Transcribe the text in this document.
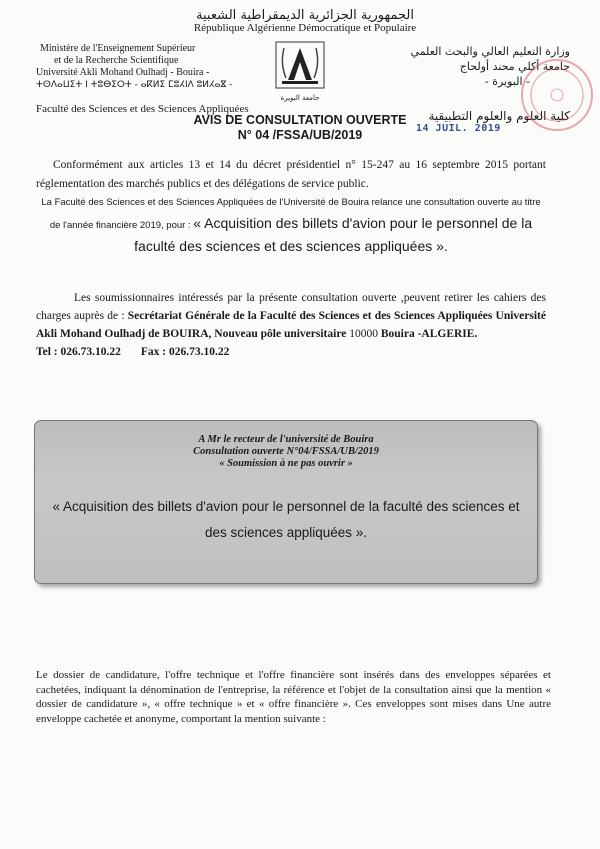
الجمهورية الجزائرية الديمقراطية الشعبية
République Algérienne Démocratique et Populaire
Ministère de l'Enseignement Supérieur
et de la Recherche Scientifique
Université Akli Mohand Oulhadj - Bouira -
ⵜⵙⴷⴰⵡⵉⵜ ⵏ ⵜⵓⴱⵉⵔⵜ - ⴰⴽⵍⵉ ⵎⵓⵃⵏⴷ ⵓⵍⵃⴰⴵ -
Faculté des Sciences et des Sciences Appliquées
جامعة البويرة
وزارة التعليم العالي والبحث العلمي
جامعة أكلي محند أولحاج
- البويرة -
كلية العلوم والعلوم التطبيقية
AVIS DE CONSULTATION OUVERTE
N° 04 /FSSA/UB/2019	14 JUIL. 2019
Conformément aux articles 13 et 14 du décret présidentiel n° 15-247 au 16 septembre 2015 portant réglementation des marchés publics et des délégations de service public.
La Faculté des Sciences et des Sciences Appliquées de l'Université de Bouira relance une consultation ouverte au titre de l'année financière 2019, pour : « Acquisition des billets d'avion pour le personnel de la faculté des sciences et des sciences appliquées ».
Les soumissionnaires intéressés par la présente consultation ouverte ,peuvent retirer les cahiers des charges auprès de : Secrétariat Générale de la Faculté des Sciences et des Sciences Appliquées Université Akli Mohand Oulhadj de BOUIRA, Nouveau pôle universitaire 10000 Bouira -ALGERIE.
Tel : 026.73.10.22 Fax : 026.73.10.22
A Mr le recteur de l'université de Bouira
Consultation ouverte N°04/FSSA/UB/2019
« Soumission à ne pas ouvrir »
« Acquisition des billets d'avion pour le personnel de la faculté des sciences et des sciences appliquées ».
Le dossier de candidature, l'offre technique et l'offre financière sont insérés dans des enveloppes séparées et cachetées, indiquant la dénomination de l'entreprise, la référence et l'objet de la consultation ainsi que la mention « dossier de candidature », « offre technique » et « offre financière ». Ces enveloppes sont mises dans Une autre enveloppe cachetée et anonyme, comportant la mention suivante :
